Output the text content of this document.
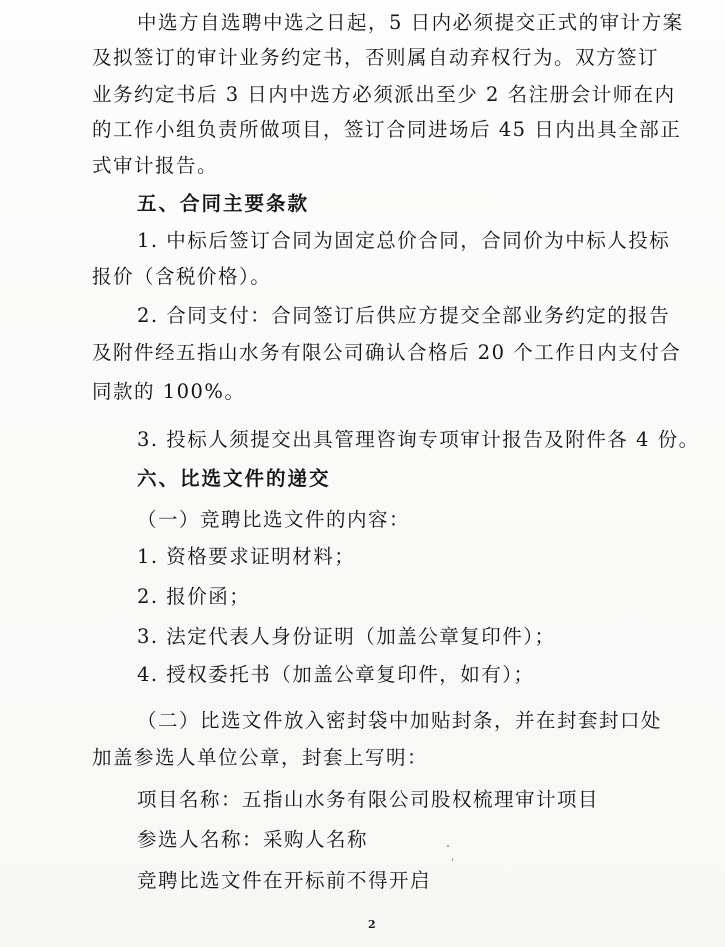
中选方自选聘中选之日起，5 日内必须提交正式的审计方案
及拟签订的审计业务约定书，否则属自动弃权行为。双方签订
业务约定书后 3 日内中选方必须派出至少 2 名注册会计师在内
的工作小组负责所做项目，签订合同进场后 45 日内出具全部正
式审计报告。
五、合同主要条款
1. 中标后签订合同为固定总价合同，合同价为中标人投标
报价（含税价格）。
2. 合同支付：合同签订后供应方提交全部业务约定的报告
及附件经五指山水务有限公司确认合格后 20 个工作日内支付合
同款的 100%。
3. 投标人须提交出具管理咨询专项审计报告及附件各 4 份。
六、比选文件的递交
（一）竞聘比选文件的内容：
1. 资格要求证明材料；
2. 报价函；
3. 法定代表人身份证明（加盖公章复印件）；
4. 授权委托书（加盖公章复印件，如有）；
（二）比选文件放入密封袋中加贴封条，并在封套封口处
加盖参选人单位公章，封套上写明：
项目名称：五指山水务有限公司股权梳理审计项目
参选人名称：采购人名称
竞聘比选文件在开标前不得开启
2
